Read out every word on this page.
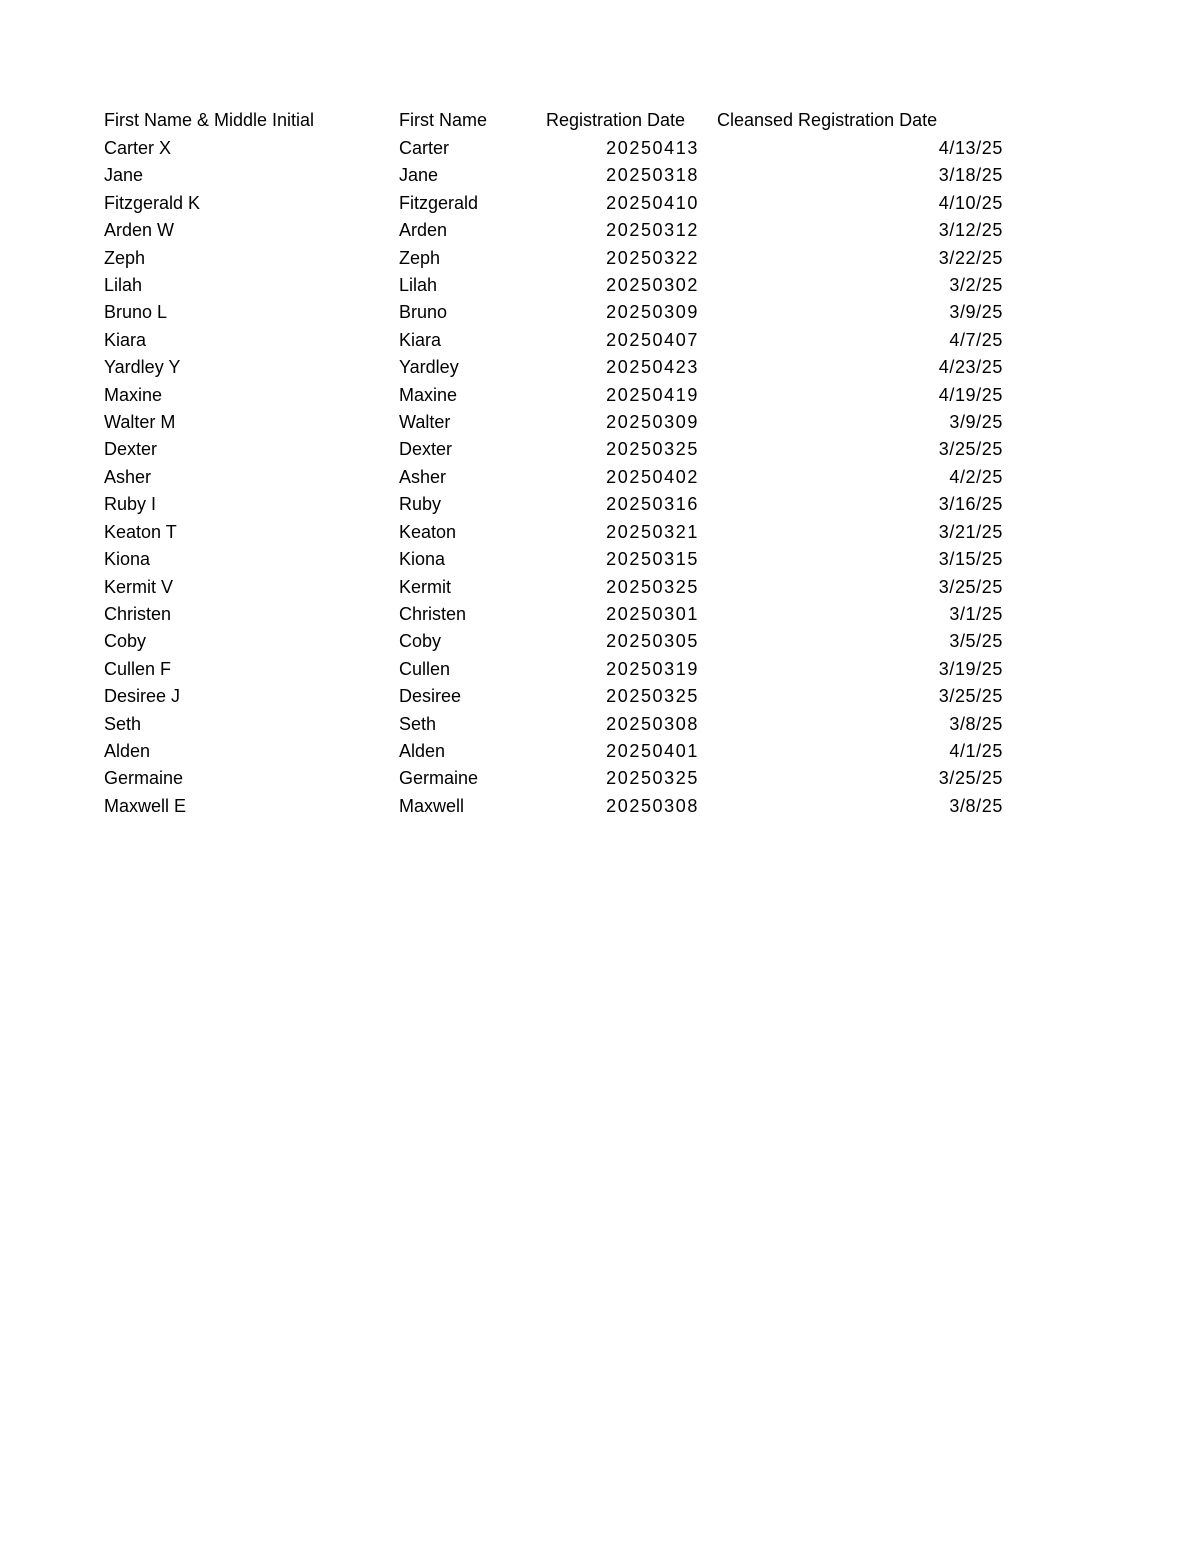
First Name & Middle Initial	First Name	Registration Date	Cleansed Registration Date
Carter X	Carter	20250413	4/13/25
Jane	Jane	20250318	3/18/25
Fitzgerald K	Fitzgerald	20250410	4/10/25
Arden W	Arden	20250312	3/12/25
Zeph	Zeph	20250322	3/22/25
Lilah	Lilah	20250302	3/2/25
Bruno L	Bruno	20250309	3/9/25
Kiara	Kiara	20250407	4/7/25
Yardley Y	Yardley	20250423	4/23/25
Maxine	Maxine	20250419	4/19/25
Walter M	Walter	20250309	3/9/25
Dexter	Dexter	20250325	3/25/25
Asher	Asher	20250402	4/2/25
Ruby I	Ruby	20250316	3/16/25
Keaton T	Keaton	20250321	3/21/25
Kiona	Kiona	20250315	3/15/25
Kermit V	Kermit	20250325	3/25/25
Christen	Christen	20250301	3/1/25
Coby	Coby	20250305	3/5/25
Cullen F	Cullen	20250319	3/19/25
Desiree J	Desiree	20250325	3/25/25
Seth	Seth	20250308	3/8/25
Alden	Alden	20250401	4/1/25
Germaine	Germaine	20250325	3/25/25
Maxwell E	Maxwell	20250308	3/8/25
